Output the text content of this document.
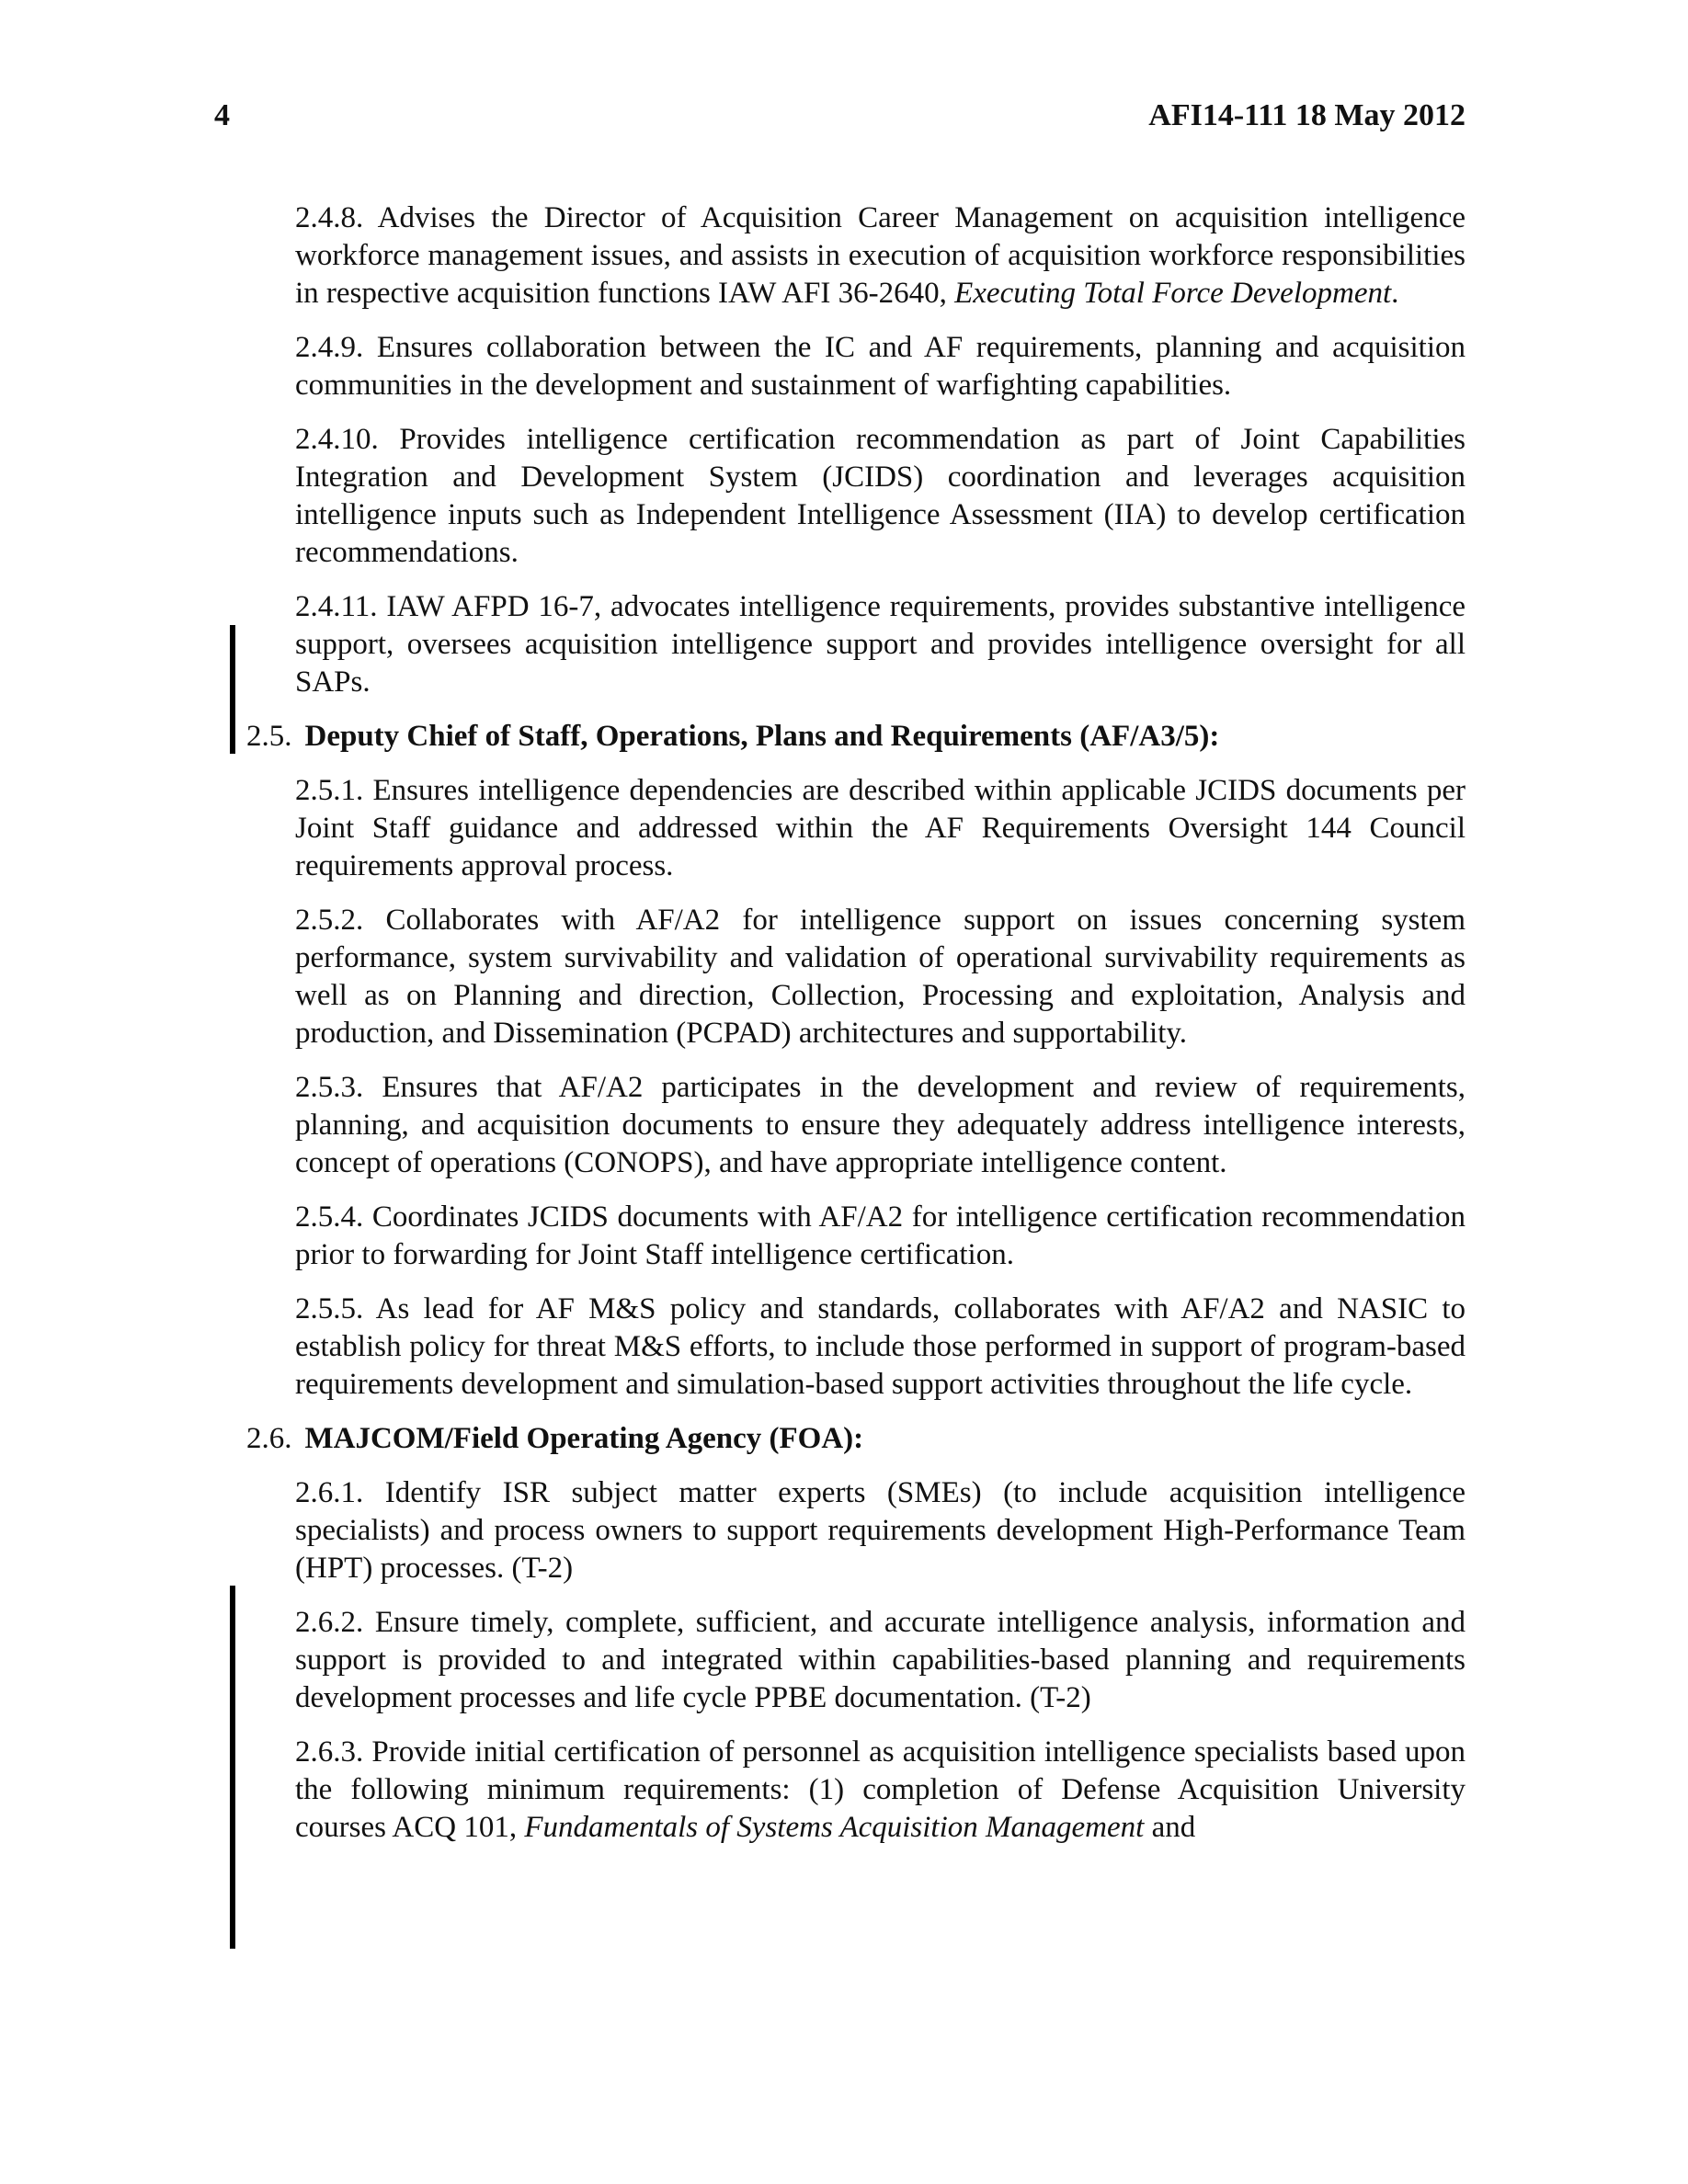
4	AFI14-111 18 May 2012
2.4.8. Advises the Director of Acquisition Career Management on acquisition intelligence workforce management issues, and assists in execution of acquisition workforce responsibilities in respective acquisition functions IAW AFI 36-2640, Executing Total Force Development.
2.4.9. Ensures collaboration between the IC and AF requirements, planning and acquisition communities in the development and sustainment of warfighting capabilities.
2.4.10. Provides intelligence certification recommendation as part of Joint Capabilities Integration and Development System (JCIDS) coordination and leverages acquisition intelligence inputs such as Independent Intelligence Assessment (IIA) to develop certification recommendations.
2.4.11. IAW AFPD 16-7, advocates intelligence requirements, provides substantive intelligence support, oversees acquisition intelligence support and provides intelligence oversight for all SAPs.
2.5. Deputy Chief of Staff, Operations, Plans and Requirements (AF/A3/5):
2.5.1. Ensures intelligence dependencies are described within applicable JCIDS documents per Joint Staff guidance and addressed within the AF Requirements Oversight 144 Council requirements approval process.
2.5.2. Collaborates with AF/A2 for intelligence support on issues concerning system performance, system survivability and validation of operational survivability requirements as well as on Planning and direction, Collection, Processing and exploitation, Analysis and production, and Dissemination (PCPAD) architectures and supportability.
2.5.3. Ensures that AF/A2 participates in the development and review of requirements, planning, and acquisition documents to ensure they adequately address intelligence interests, concept of operations (CONOPS), and have appropriate intelligence content.
2.5.4. Coordinates JCIDS documents with AF/A2 for intelligence certification recommendation prior to forwarding for Joint Staff intelligence certification.
2.5.5. As lead for AF M&S policy and standards, collaborates with AF/A2 and NASIC to establish policy for threat M&S efforts, to include those performed in support of program-based requirements development and simulation-based support activities throughout the life cycle.
2.6. MAJCOM/Field Operating Agency (FOA):
2.6.1. Identify ISR subject matter experts (SMEs) (to include acquisition intelligence specialists) and process owners to support requirements development High-Performance Team (HPT) processes. (T-2)
2.6.2. Ensure timely, complete, sufficient, and accurate intelligence analysis, information and support is provided to and integrated within capabilities-based planning and requirements development processes and life cycle PPBE documentation. (T-2)
2.6.3. Provide initial certification of personnel as acquisition intelligence specialists based upon the following minimum requirements: (1) completion of Defense Acquisition University courses ACQ 101, Fundamentals of Systems Acquisition Management and
